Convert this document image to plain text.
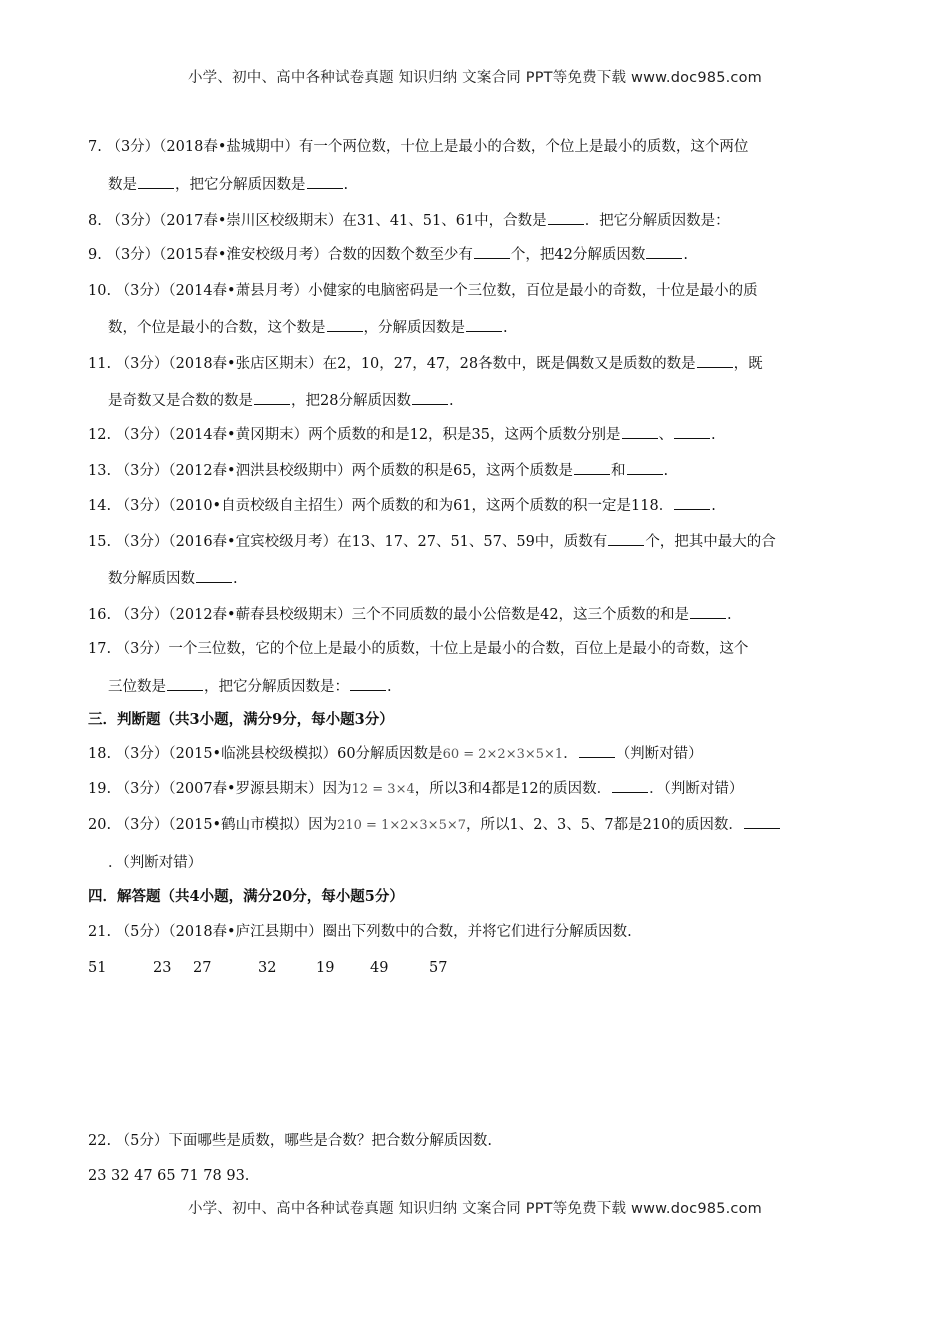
小学、初中、高中各种试卷真题 知识归纳 文案合同 PPT等免费下载 www.doc985.com
7. （3分）（2018春•盐城期中）有一个两位数，十位上是最小的合数，个位上是最小的质数，这个两位
数是	，把它分解质因数是	.
8. （3分）（2017春•崇川区校级期末）在31、41、51、61中，合数是	．把它分解质因数是：
9. （3分）（2015春•淮安校级月考）合数的因数个数至少有	个，把42分解质因数	.
10. （3分）（2014春•萧县月考）小健家的电脑密码是一个三位数，百位是最小的奇数，十位是最小的质
数，个位是最小的合数，这个数是	，分解质因数是	.
11. （3分）（2018春•张店区期末）在2，10，27，47，28各数中，既是偶数又是质数的数是	，既
是奇数又是合数的数是	，把28分解质因数	.
12. （3分）（2014春•黄冈期末）两个质数的和是12，积是35，这两个质数分别是	、	.
13. （3分）（2012春•泗洪县校级期中）两个质数的积是65，这两个质数是	和	.
14. （3分）（2010•自贡校级自主招生）两个质数的和为61，这两个质数的积一定是118．	.
15. （3分）（2016春•宜宾校级月考）在13、17、27、51、57、59中，质数有	个，把其中最大的合
数分解质因数	.
16. （3分）（2012春•蕲春县校级期末）三个不同质数的最小公倍数是42，这三个质数的和是	.
17. （3分）一个三位数，它的个位上是最小的质数，十位上是最小的合数，百位上是最小的奇数，这个
三位数是	，把它分解质因数是：	.
三．判断题（共3小题，满分9分，每小题3分）
18. （3分）（2015•临洮县校级模拟）60分解质因数是60 = 2×2×3×5×1．	（判断对错）
19. （3分）（2007春•罗源县期末）因为12 = 3×4，所以3和4都是12的质因数．	．（判断对错）
20. （3分）（2015•鹤山市模拟）因为210 = 1×2×3×5×7，所以1、2、3、5、7都是210的质因数．
．（判断对错）
四．解答题（共4小题，满分20分，每小题5分）
21. （5分）（2018春•庐江县期中）圈出下列数中的合数，并将它们进行分解质因数.
51	23 27	32	19 49	57
22. （5分）下面哪些是质数，哪些是合数？把合数分解质因数.
23 32 47 65 71 78 93.
小学、初中、高中各种试卷真题 知识归纳 文案合同 PPT等免费下载 www.doc985.com
